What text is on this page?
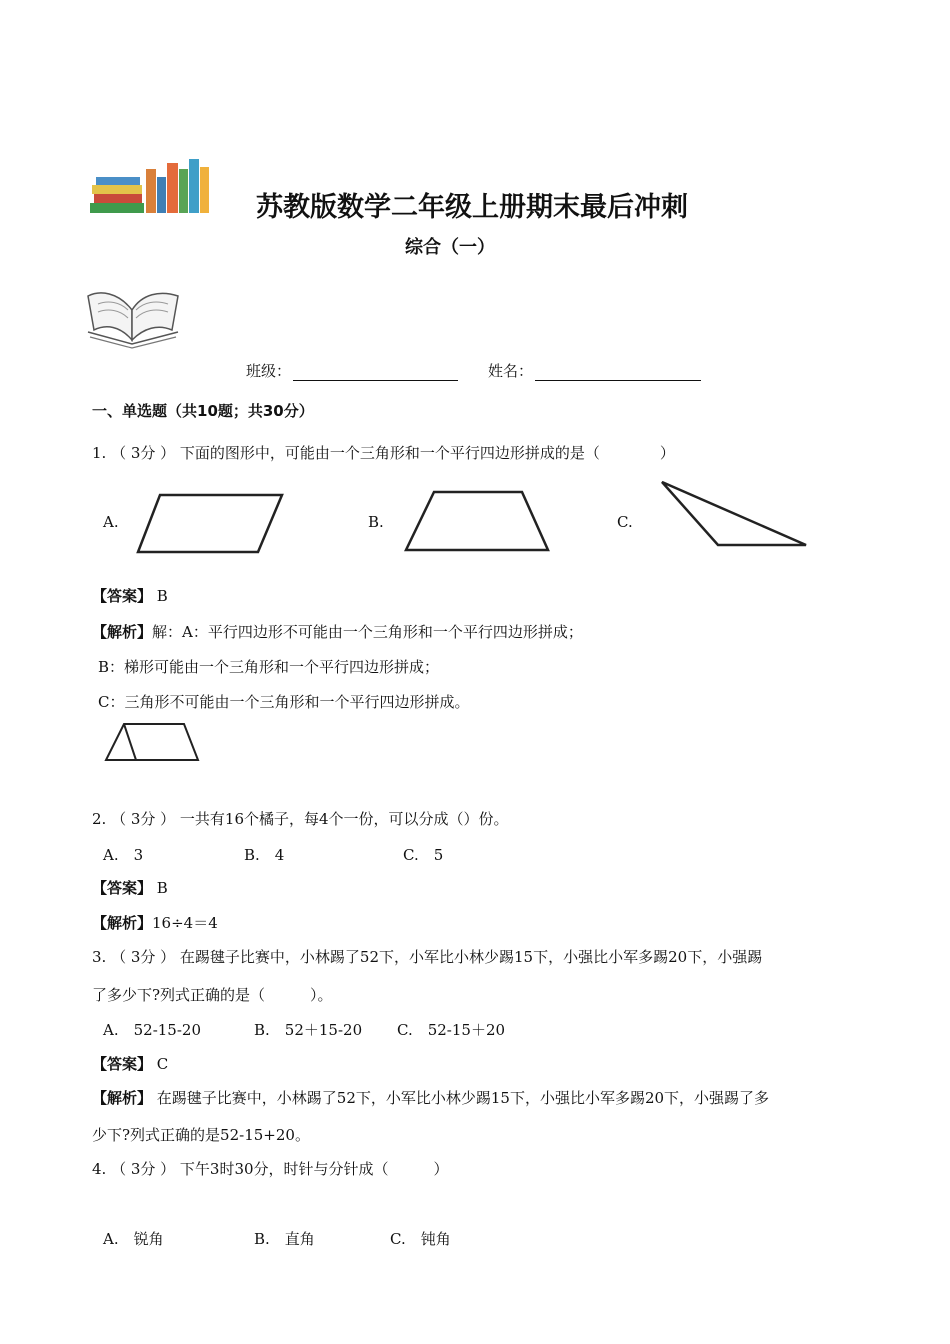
苏教版数学二年级上册期末最后冲刺
综合（一）
班级：	姓名：
一、单选题（共10题；共30分）
1. （ 3分 ） 下面的图形中，可能由一个三角形和一个平行四边形拼成的是（　　　　）
A.	B.	C.
【答案】 B
【解析】解：A：平行四边形不可能由一个三角形和一个平行四边形拼成；
B：梯形可能由一个三角形和一个平行四边形拼成；
C：三角形不可能由一个三角形和一个平行四边形拼成。
2. （ 3分 ） 一共有16个橘子，每4个一份，可以分成（）份。
A.　3	B.　4	C.　5
【答案】 B
【解析】16÷4＝4
3. （ 3分 ） 在踢毽子比赛中，小林踢了52下，小军比小林少踢15下，小强比小军多踢20下，小强踢
了多少下?列式正确的是（　　　）。
A.　52-15-20	B.　52＋15-20 C.　52-15＋20
【答案】 C
【解析】 在踢毽子比赛中，小林踢了52下，小军比小林少踢15下，小强比小军多踢20下，小强踢了多
少下?列式正确的是52-15+20。
4. （ 3分 ） 下午3时30分，时针与分针成（　　　）
A.　锐角	B.　直角	C.　钝角
